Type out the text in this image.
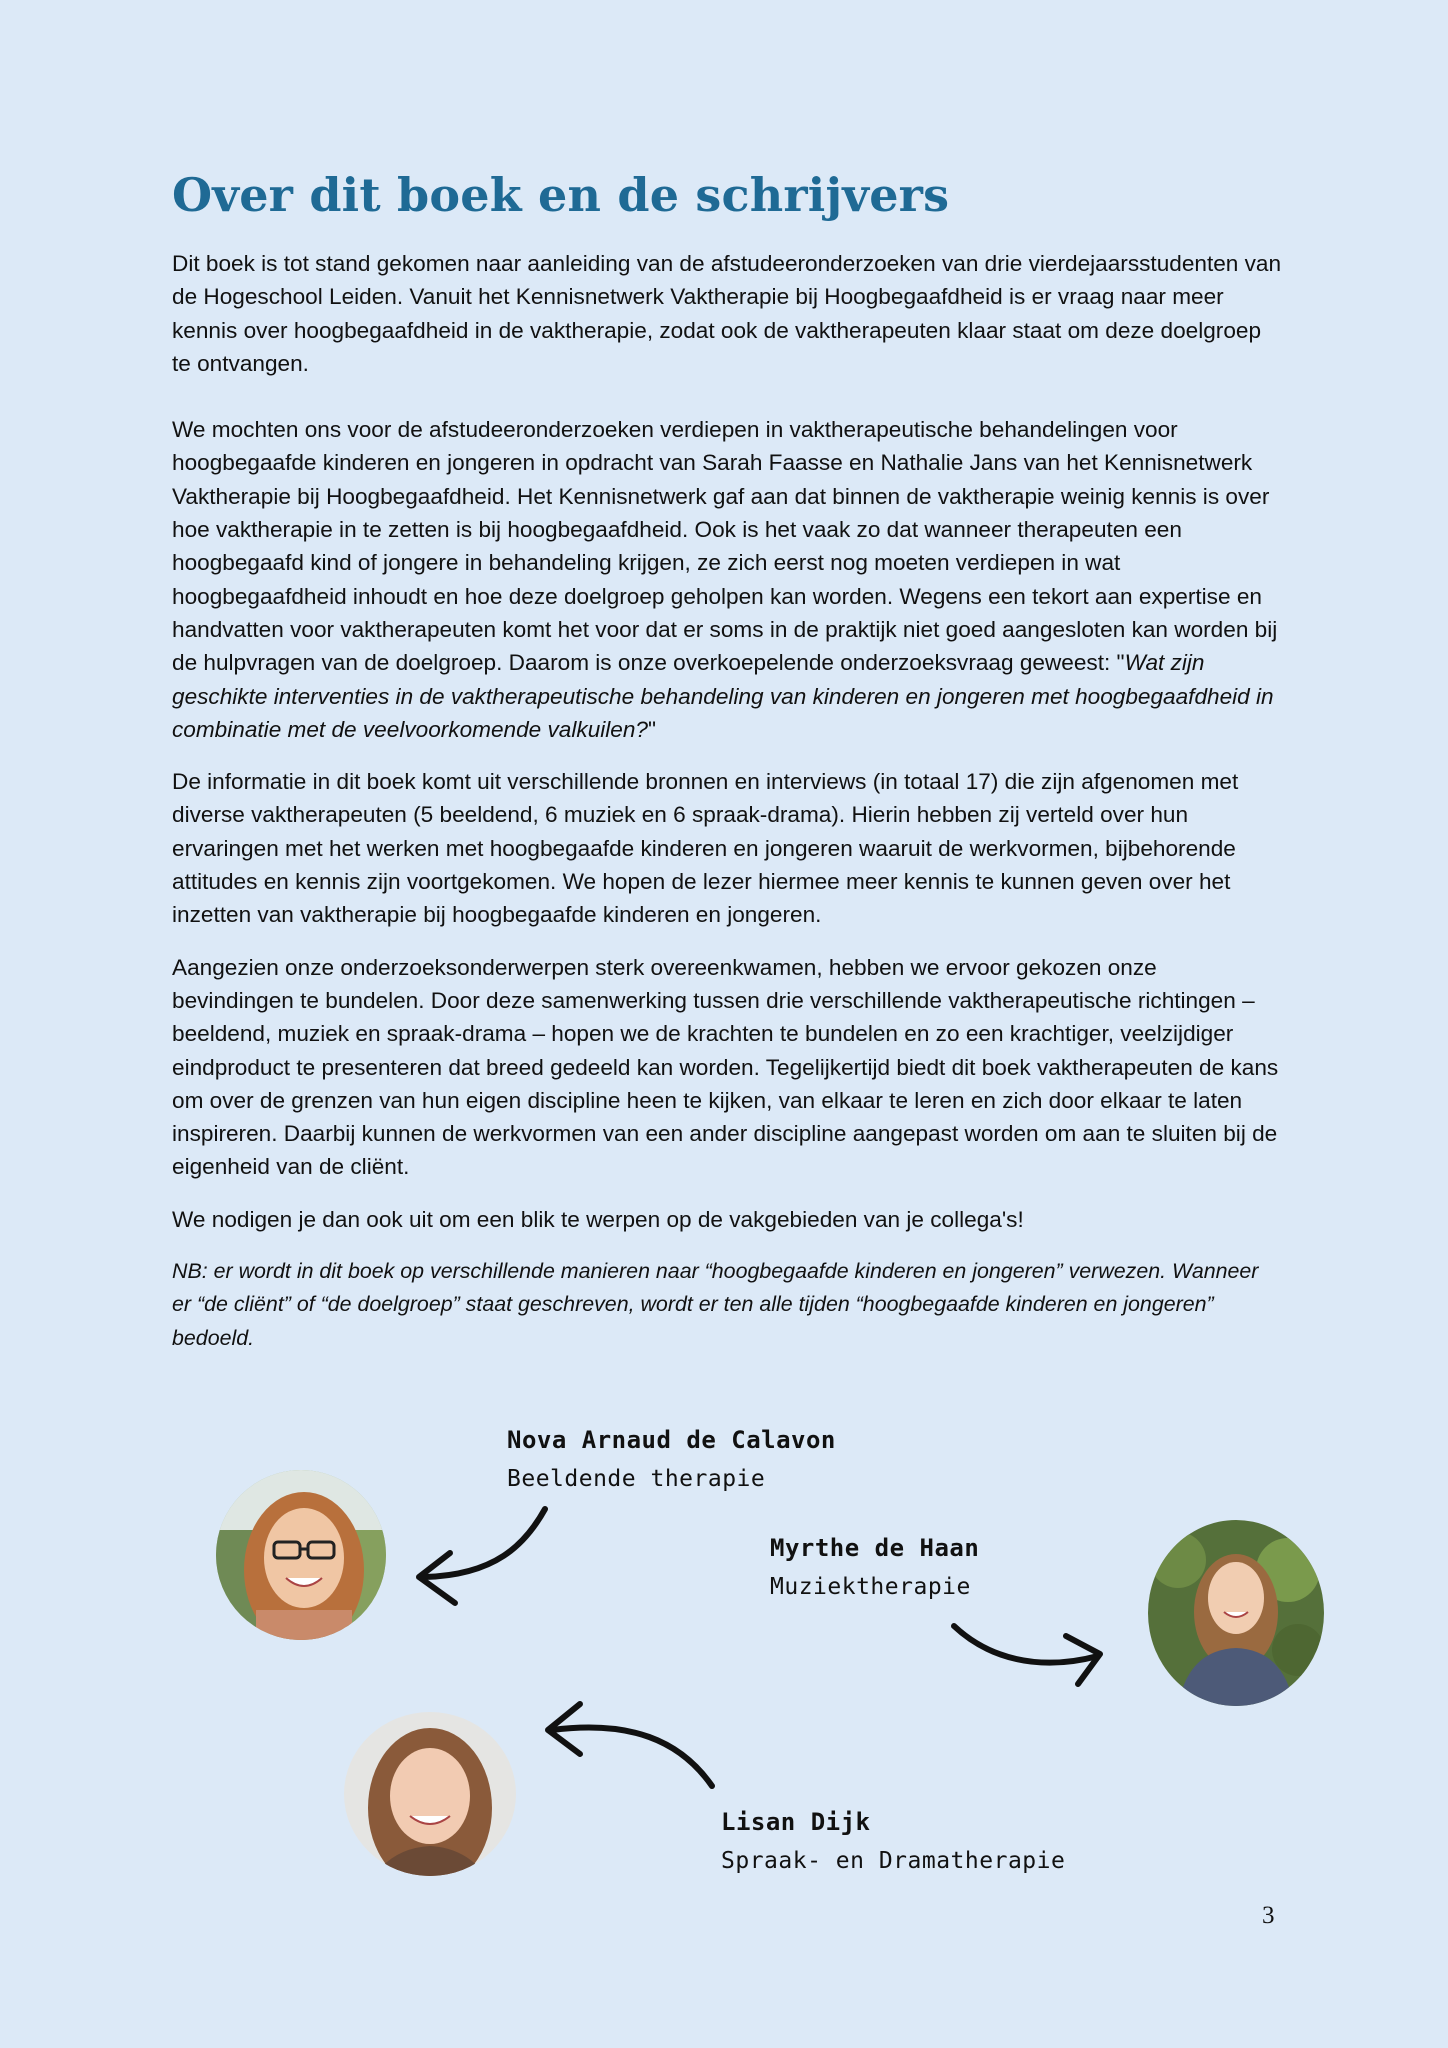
Over dit boek en de schrijvers

Dit boek is tot stand gekomen naar aanleiding van de afstudeeronderzoeken van drie vierdejaarsstudenten van de Hogeschool Leiden. Vanuit het Kennisnetwerk Vaktherapie bij Hoogbegaafdheid is er vraag naar meer kennis over hoogbegaafdheid in de vaktherapie, zodat ook de vaktherapeuten klaar staat om deze doelgroep te ontvangen.

We mochten ons voor de afstudeeronderzoeken verdiepen in vaktherapeutische behandelingen voor hoogbegaafde kinderen en jongeren in opdracht van Sarah Faasse en Nathalie Jans van het Kennisnetwerk Vaktherapie bij Hoogbegaafdheid. Het Kennisnetwerk gaf aan dat binnen de vaktherapie weinig kennis is over hoe vaktherapie in te zetten is bij hoogbegaafdheid. Ook is het vaak zo dat wanneer therapeuten een hoogbegaafd kind of jongere in behandeling krijgen, ze zich eerst nog moeten verdiepen in wat hoogbegaafdheid inhoudt en hoe deze doelgroep geholpen kan worden. Wegens een tekort aan expertise en handvatten voor vaktherapeuten komt het voor dat er soms in de praktijk niet goed aangesloten kan worden bij de hulpvragen van de doelgroep. Daarom is onze overkoepelende onderzoeksvraag geweest: "Wat zijn geschikte interventies in de vaktherapeutische behandeling van kinderen en jongeren met hoogbegaafdheid in combinatie met de veelvoorkomende valkuilen?"

De informatie in dit boek komt uit verschillende bronnen en interviews (in totaal 17) die zijn afgenomen met diverse vaktherapeuten (5 beeldend, 6 muziek en 6 spraak-drama). Hierin hebben zij verteld over hun ervaringen met het werken met hoogbegaafde kinderen en jongeren waaruit de werkvormen, bijbehorende attitudes en kennis zijn voortgekomen. We hopen de lezer hiermee meer kennis te kunnen geven over het inzetten van vaktherapie bij hoogbegaafde kinderen en jongeren.

Aangezien onze onderzoeksonderwerpen sterk overeenkwamen, hebben we ervoor gekozen onze bevindingen te bundelen. Door deze samenwerking tussen drie verschillende vaktherapeutische richtingen – beeldend, muziek en spraak-drama – hopen we de krachten te bundelen en zo een krachtiger, veelzijdiger eindproduct te presenteren dat breed gedeeld kan worden. Tegelijkertijd biedt dit boek vaktherapeuten de kans om over de grenzen van hun eigen discipline heen te kijken, van elkaar te leren en zich door elkaar te laten inspireren. Daarbij kunnen de werkvormen van een ander discipline aangepast worden om aan te sluiten bij de eigenheid van de cliënt.

We nodigen je dan ook uit om een blik te werpen op de vakgebieden van je collega's!

NB: er wordt in dit boek op verschillende manieren naar “hoogbegaafde kinderen en jongeren” verwezen. Wanneer er “de cliënt” of “de doelgroep” staat geschreven, wordt er ten alle tijden “hoogbegaafde kinderen en jongeren” bedoeld.

Nova Arnaud de Calavon
Beeldende therapie
Myrthe de Haan
Muziektherapie
Lisan Dijk
Spraak- en Dramatherapie
3
